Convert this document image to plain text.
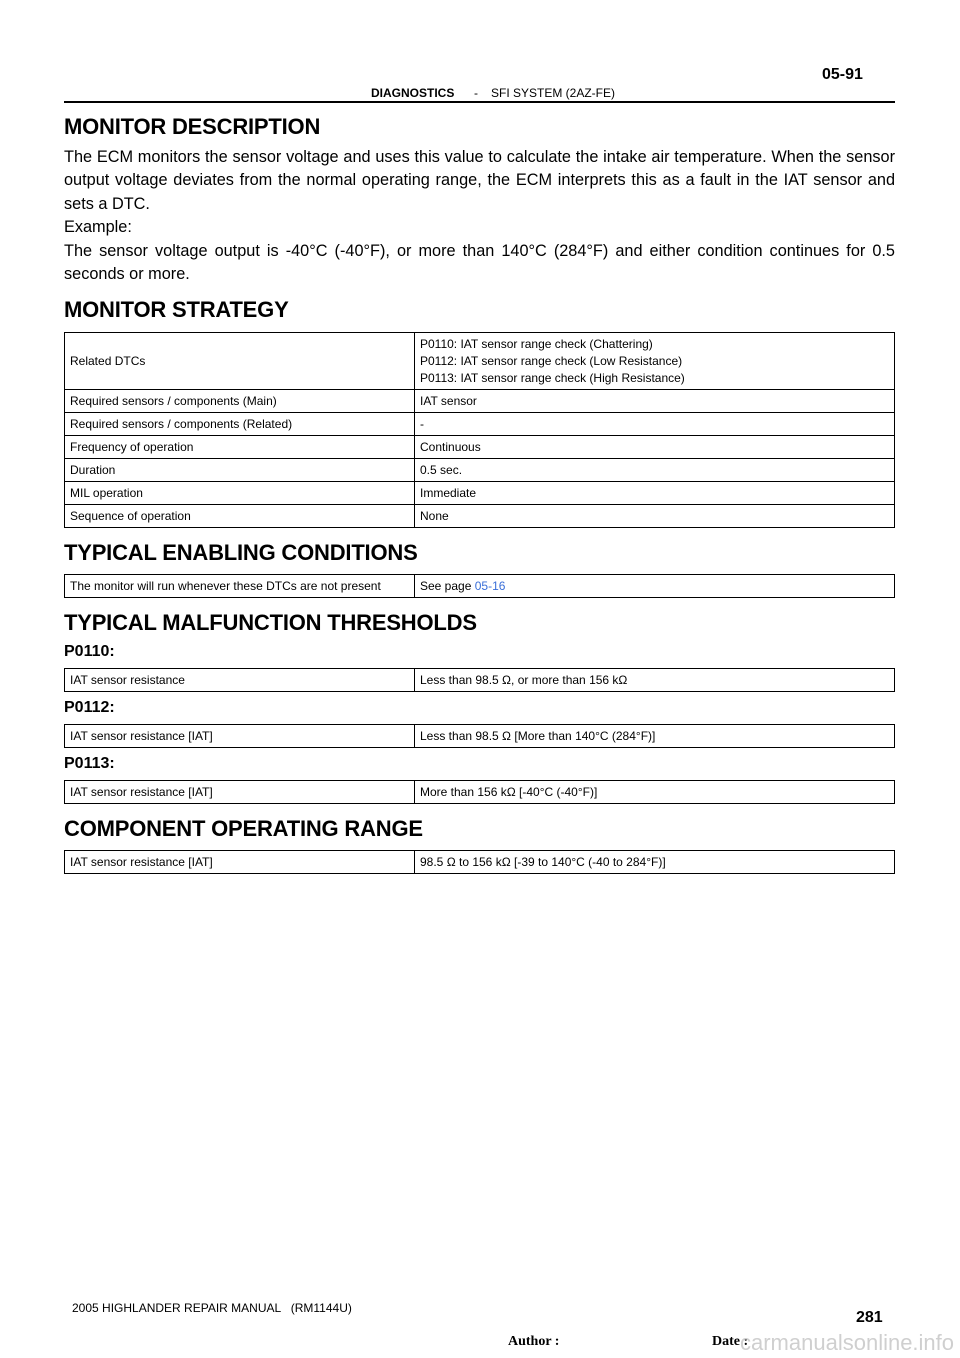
05-91
DIAGNOSTICS - SFI SYSTEM (2AZ-FE)
MONITOR DESCRIPTION

The ECM monitors the sensor voltage and uses this value to calculate the intake air temperature. When the sensor output voltage deviates from the normal operating range, the ECM interprets this as a fault in the IAT sensor and sets a DTC.

Example:

The sensor voltage output is -40°C (-40°F), or more than 140°C (284°F) and either condition continues for 0.5 seconds or more.

MONITOR STRATEGY
Related DTCs	P0110: IAT sensor range check (Chattering)
P0112: IAT sensor range check (Low Resistance)
P0113: IAT sensor range check (High Resistance)

Required sensors / components (Main)	IAT sensor
Required sensors / components (Related)	-
Frequency of operation	Continuous
Duration	0.5 sec.
MIL operation	Immediate
Sequence of operation	None
TYPICAL ENABLING CONDITIONS
The monitor will run whenever these DTCs are not present	See page 05-16
TYPICAL MALFUNCTION THRESHOLDS

P0110:

IAT sensor resistance	Less than 98.5 Ω, or more than 156 kΩ

P0112:

IAT sensor resistance [IAT]	Less than 98.5 Ω [More than 140°C (284°F)]

P0113:

IAT sensor resistance [IAT]	More than 156 kΩ [-40°C (-40°F)]
COMPONENT OPERATING RANGE
IAT sensor resistance [IAT]	98.5 Ω to 156 kΩ [-39 to 140°C (-40 to 284°F)]
2005 HIGHLANDER REPAIR MANUAL   (RM1144U)
281
Author :	Date :
carmanualsonline.info
